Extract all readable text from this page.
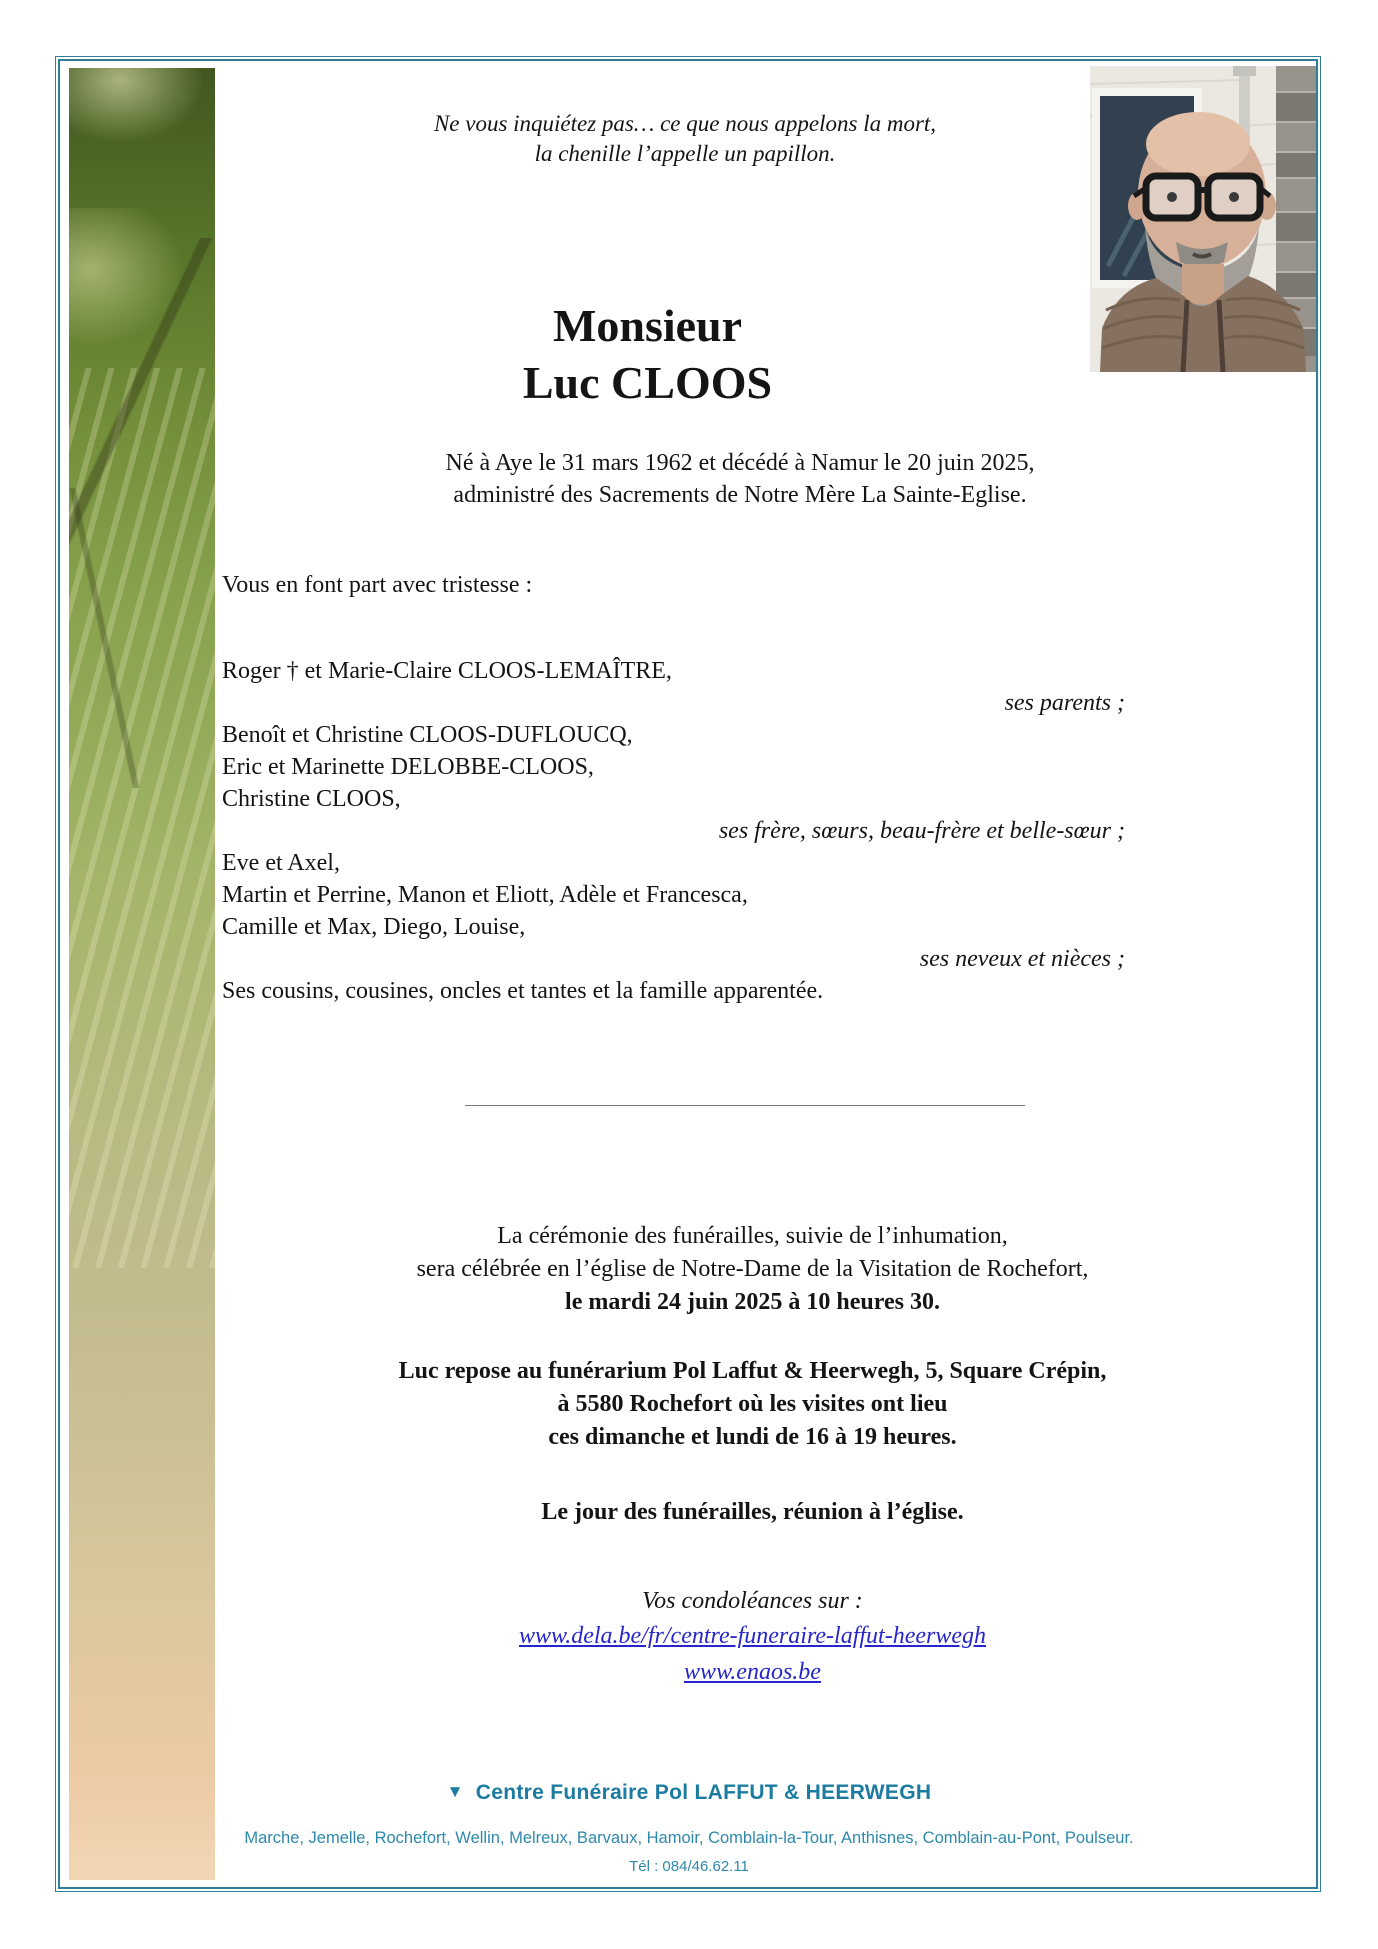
Ne vous inquiétez pas… ce que nous appelons la mort,
la chenille l’appelle un papillon.
Monsieur
Luc CLOOS
Né à Aye le 31 mars 1962 et décédé à Namur le 20 juin 2025,
administré des Sacrements de Notre Mère La Sainte-Eglise.
Vous en font part avec tristesse :
Roger † et Marie-Claire CLOOS-LEMAÎTRE,
ses parents ;
Benoît et Christine CLOOS-DUFLOUCQ,
Eric et Marinette DELOBBE-CLOOS,
Christine CLOOS,
ses frère, sœurs, beau-frère et belle-sœur ;
Eve et Axel,
Martin et Perrine, Manon et Eliott, Adèle et Francesca,
Camille et Max, Diego, Louise,
ses neveux et nièces ;
Ses cousins, cousines, oncles et tantes et la famille apparentée.
La cérémonie des funérailles, suivie de l’inhumation,
sera célébrée en l’église de Notre-Dame de la Visitation de Rochefort,
le mardi 24 juin 2025 à 10 heures 30.
Luc repose au funérarium Pol Laffut & Heerwegh, 5, Square Crépin,
à 5580 Rochefort où les visites ont lieu
ces dimanche et lundi de 16 à 19 heures.
Le jour des funérailles, réunion à l’église.
Vos condoléances sur :
www.dela.be/fr/centre-funeraire-laffut-heerwegh
www.enaos.be
▼ Centre Funéraire Pol LAFFUT & HEERWEGH
Marche, Jemelle, Rochefort, Wellin, Melreux, Barvaux, Hamoir, Comblain-la-Tour, Anthisnes, Comblain-au-Pont, Poulseur.
Tél : 084/46.62.11
